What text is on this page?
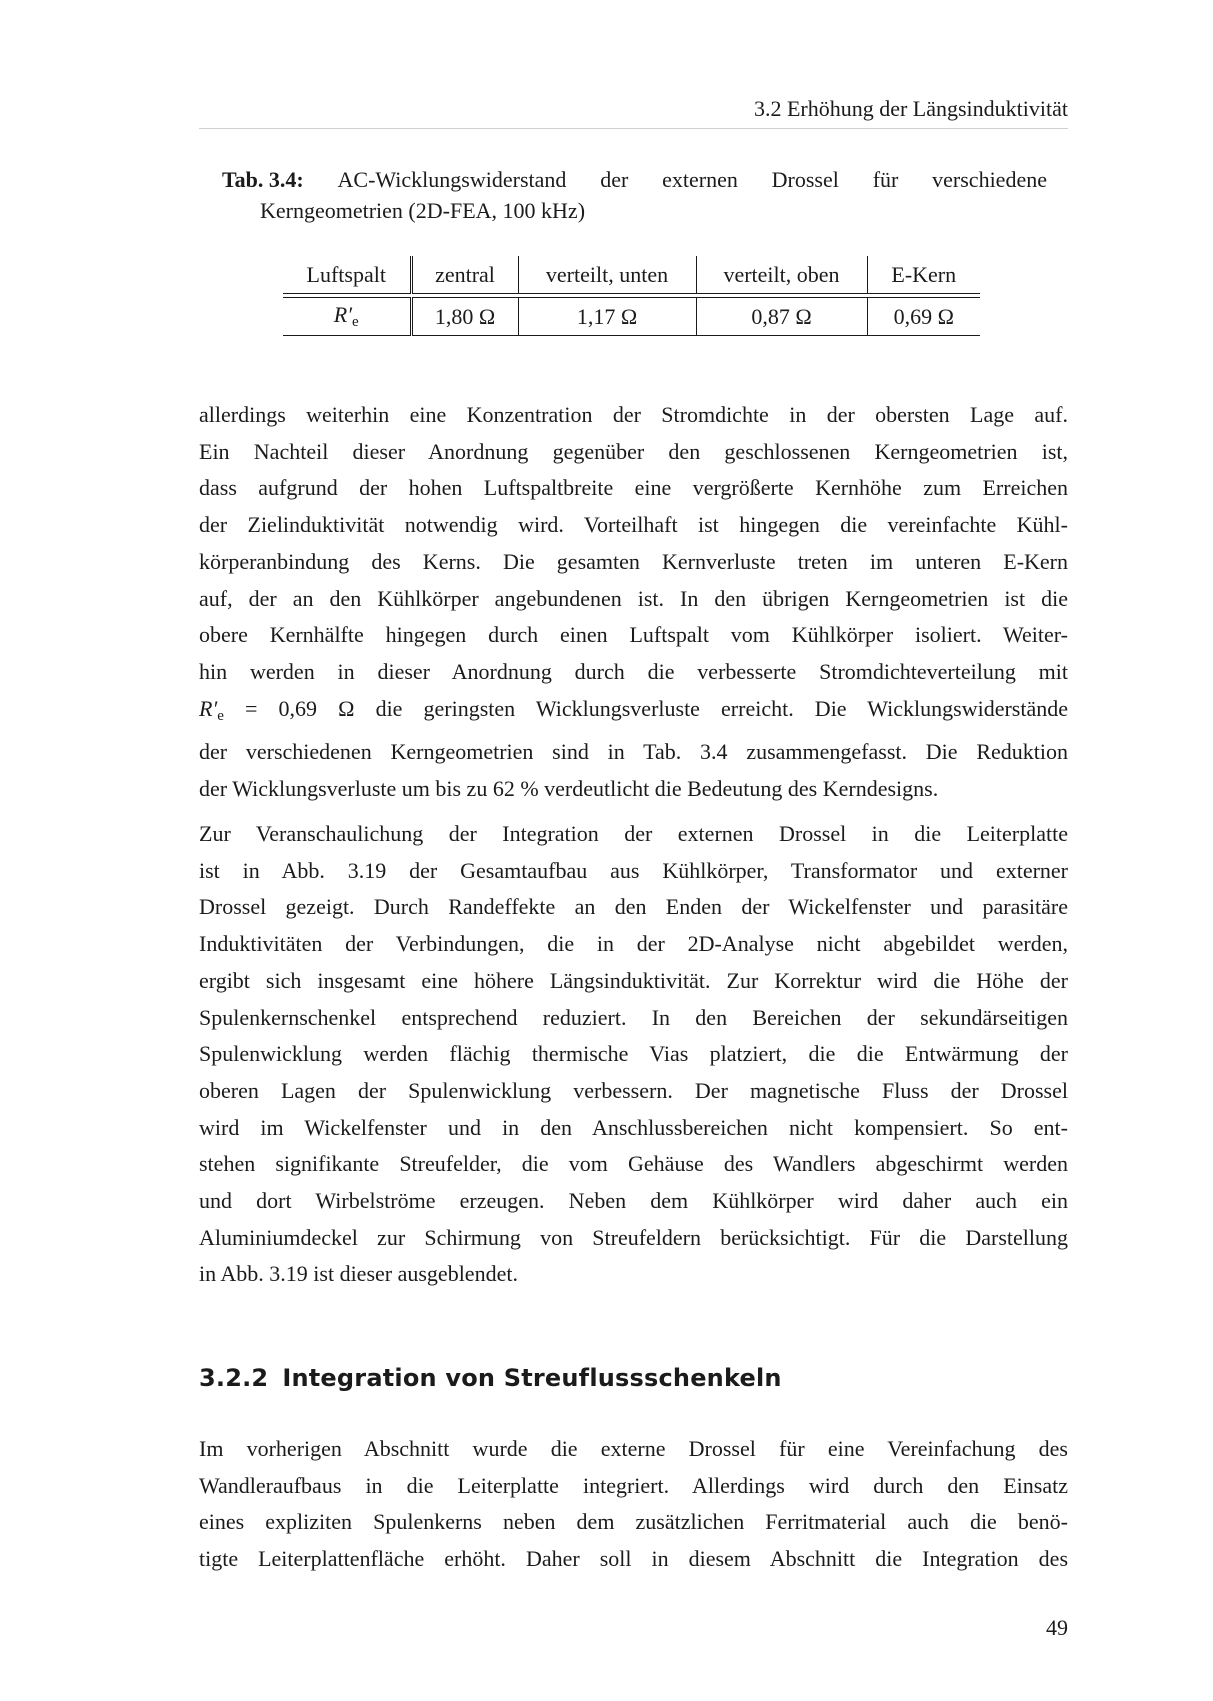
3.2 Erhöhung der Längsinduktivität
Tab. 3.4: AC-Wicklungswiderstand der externen Drossel für verschiedene
Kerngeometrien (2D-FEA, 100 kHz)
Luftspalt	zentral	verteilt, unten	verteilt, oben	E-Kern

$R'_e$	1,80 Ω	1,17 Ω	0,87 Ω	0,69 Ω
allerdings weiterhin eine Konzentration der Stromdichte in der obersten Lage auf.
Ein Nachteil dieser Anordnung gegenüber den geschlossenen Kerngeometrien ist,
dass aufgrund der hohen Luftspaltbreite eine vergrößerte Kernhöhe zum Erreichen
der Zielinduktivität notwendig wird. Vorteilhaft ist hingegen die vereinfachte Kühl-
körperanbindung des Kerns. Die gesamten Kernverluste treten im unteren E-Kern
auf, der an den Kühlkörper angebundenen ist. In den übrigen Kerngeometrien ist die
obere Kernhälfte hingegen durch einen Luftspalt vom Kühlkörper isoliert. Weiter-
hin werden in dieser Anordnung durch die verbesserte Stromdichteverteilung mit
$R'_e = 0,69$ Ω die geringsten Wicklungsverluste erreicht. Die Wicklungswiderstände
der verschiedenen Kerngeometrien sind in Tab. 3.4 zusammengefasst. Die Reduktion
der Wicklungsverluste um bis zu 62 % verdeutlicht die Bedeutung des Kerndesigns.
Zur Veranschaulichung der Integration der externen Drossel in die Leiterplatte
ist in Abb. 3.19 der Gesamtaufbau aus Kühlkörper, Transformator und externer
Drossel gezeigt. Durch Randeffekte an den Enden der Wickelfenster und parasitäre
Induktivitäten der Verbindungen, die in der 2D-Analyse nicht abgebildet werden,
ergibt sich insgesamt eine höhere Längsinduktivität. Zur Korrektur wird die Höhe der
Spulenkernschenkel entsprechend reduziert. In den Bereichen der sekundärseitigen
Spulenwicklung werden flächig thermische Vias platziert, die die Entwärmung der
oberen Lagen der Spulenwicklung verbessern. Der magnetische Fluss der Drossel
wird im Wickelfenster und in den Anschlussbereichen nicht kompensiert. So ent-
stehen signifikante Streufelder, die vom Gehäuse des Wandlers abgeschirmt werden
und dort Wirbelströme erzeugen. Neben dem Kühlkörper wird daher auch ein
Aluminiumdeckel zur Schirmung von Streufeldern berücksichtigt. Für die Darstellung
in Abb. 3.19 ist dieser ausgeblendet.
3.2.2 Integration von Streuflussschenkeln
Im vorherigen Abschnitt wurde die externe Drossel für eine Vereinfachung des
Wandleraufbaus in die Leiterplatte integriert. Allerdings wird durch den Einsatz
eines expliziten Spulenkerns neben dem zusätzlichen Ferritmaterial auch die benö-
tigte Leiterplattenfläche erhöht. Daher soll in diesem Abschnitt die Integration des
49
